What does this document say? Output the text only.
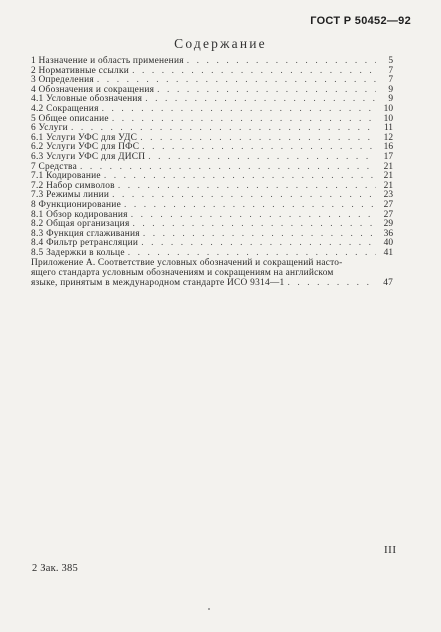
ГОСТ Р 50452—92
Содержание
1 Назначение и область применения . . .	5
2 Нормативные ссылки . . .	7
3 Определения . . .	7
4 Обозначения и сокращения . . .	9
4.1 Условные обозначения . . .	9
4.2 Сокращения . . .	10
5 Общее описание . . .	10
6 Услуги . . .	11
6.1 Услуги УФС для УДС . . .	12
6.2 Услуги УФС для ПФС . . .	16
6.3 Услуги УФС для ДИСП . . .	17
7 Средства . . .	21
7.1 Кодирование . . .	21
7.2 Набор символов . . .	21
7.3 Режимы линии . . .	23
8 Функционирование . . .	27
8.1 Обзор кодирования . . .	27
8.2 Общая организация . . .	29
8.3 Функция сглаживания . . .	36
8.4 Фильтр ретрансляции . . .	40
8.5 Задержки в кольце . . .	41
Приложение А. Соответствие условных обозначений и сокращений насто-
ящего стандарта условным обозначениям и сокращениям на английском
языке, принятым в международном стандарте ИСО 9314—1 . . .	47
III
2 Зак. 385
